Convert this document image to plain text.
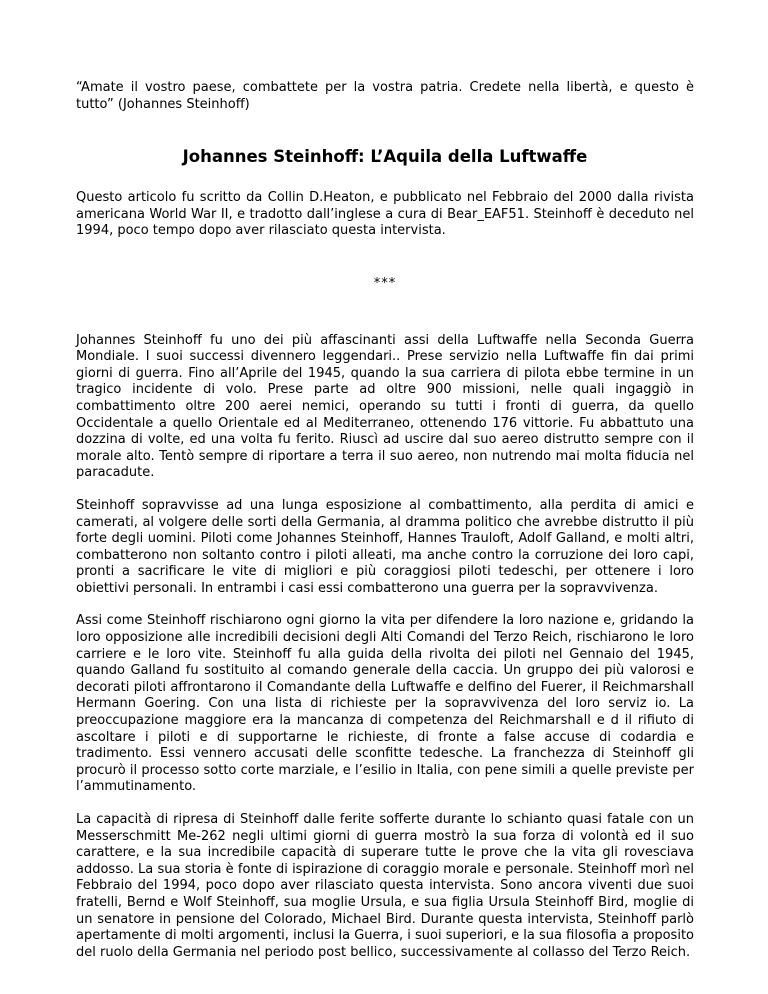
“Amate il vostro paese, combattete per la vostra patria. Credete nella libertà, e questo è tutto” (Johannes Steinhoff)

Johannes Steinhoff: L’Aquila della Luftwaffe

Questo articolo fu scritto da Collin D.Heaton, e pubblicato nel Febbraio del 2000 dalla rivista americana World War II, e tradotto dall’inglese a cura di Bear_EAF51. Steinhoff è deceduto nel 1994, poco tempo dopo aver rilasciato questa intervista.

***

Johannes Steinhoff fu uno dei più affascinanti assi della Luftwaffe nella Seconda Guerra Mondiale. I suoi successi divennero leggendari.. Prese servizio nella Luftwaffe fin dai primi giorni di guerra. Fino all’Aprile del 1945, quando la sua carriera di pilota ebbe termine in un tragico incidente di volo. Prese parte ad oltre 900 missioni, nelle quali ingaggiò in combattimento oltre 200 aerei nemici, operando su tutti i fronti di guerra, da quello Occidentale a quello Orientale ed al Mediterraneo, ottenendo 176 vittorie. Fu abbattuto una dozzina di volte, ed una volta fu ferito. Riuscì ad uscire dal suo aereo distrutto sempre con il morale alto. Tentò sempre di riportare a terra il suo aereo, non nutrendo mai molta fiducia nel paracadute.

Steinhoff sopravvisse ad una lunga esposizione al combattimento, alla perdita di amici e camerati, al volgere delle sorti della Germania, al dramma politico che avrebbe distrutto il più forte degli uomini. Piloti come Johannes Steinhoff, Hannes Trauloft, Adolf Galland, e molti altri, combatterono non soltanto contro i piloti alleati, ma anche contro la corruzione dei loro capi, pronti a sacrificare le vite di migliori e più coraggiosi piloti tedeschi, per ottenere i loro obiettivi personali. In entrambi i casi essi combatterono una guerra per la sopravvivenza.

Assi come Steinhoff rischiarono ogni giorno la vita per difendere la loro nazione e, gridando la loro opposizione alle incredibili decisioni degli Alti Comandi del Terzo Reich, rischiarono le loro carriere e le loro vite. Steinhoff fu alla guida della rivolta dei piloti nel Gennaio del 1945, quando Galland fu sostituito al comando generale della caccia. Un gruppo dei più valorosi e decorati piloti affrontarono il Comandante della Luftwaffe e delfino del Fuerer, il Reichmarshall Hermann Goering. Con una lista di richieste per la sopravvivenza del loro serviz io. La preoccupazione maggiore era la mancanza di competenza del Reichmarshall e d il rifiuto di ascoltare i piloti e di supportarne le richieste, di fronte a false accuse di codardia e tradimento. Essi vennero accusati delle sconfitte tedesche. La franchezza di Steinhoff gli procurò il processo sotto corte marziale, e l’esilio in Italia, con pene simili a quelle previste per l’ammutinamento.

La capacità di ripresa di Steinhoff dalle ferite sofferte durante lo schianto quasi fatale con un Messerschmitt Me-262 negli ultimi giorni di guerra mostrò la sua forza di volontà ed il suo carattere, e la sua incredibile capacità di superare tutte le prove che la vita gli rovesciava addosso. La sua storia è fonte di ispirazione di coraggio morale e personale. Steinhoff morì nel Febbraio del 1994, poco dopo aver rilasciato questa intervista. Sono ancora viventi due suoi fratelli, Bernd e Wolf Steinhoff, sua moglie Ursula, e sua figlia Ursula Steinhoff Bird, moglie di un senatore in pensione del Colorado, Michael Bird. Durante questa intervista, Steinhoff parlò apertamente di molti argomenti, inclusi la Guerra, i suoi superiori, e la sua filosofia a proposito del ruolo della Germania nel periodo post bellico, successivamente al collasso del Terzo Reich.
